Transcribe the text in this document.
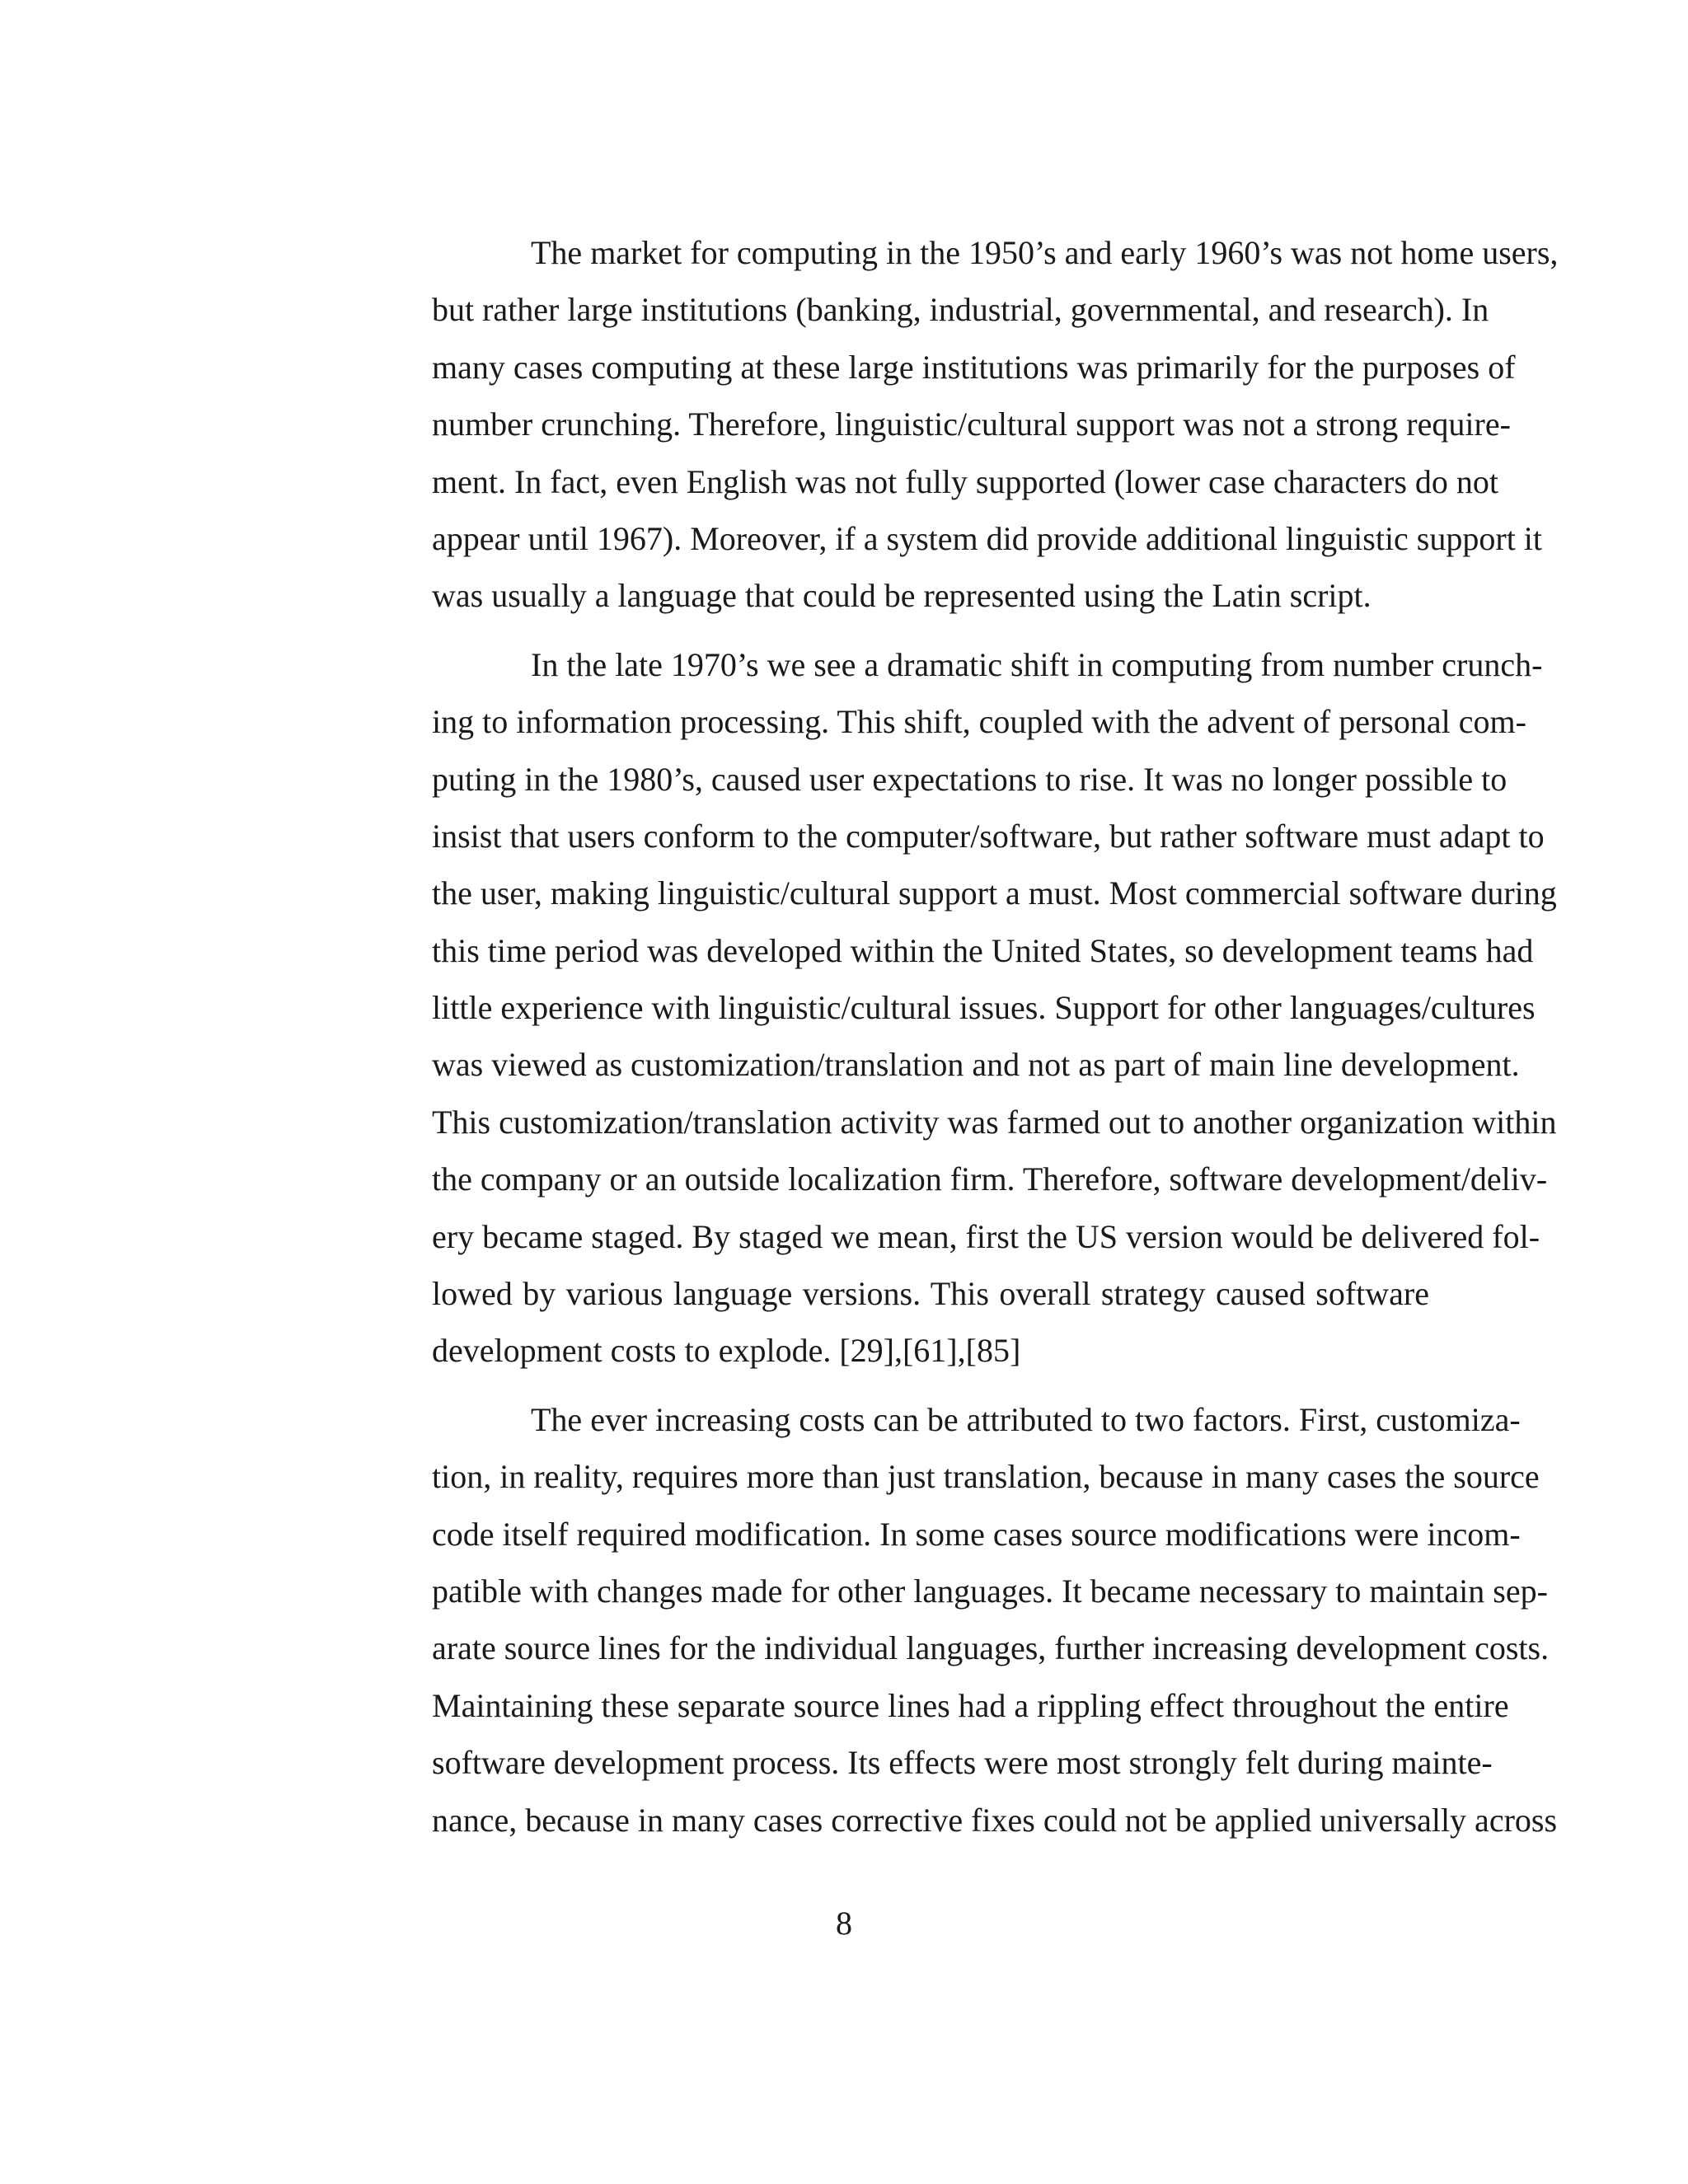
The market for computing in the 1950’s and early 1960’s was not home users,
but rather large institutions (banking, industrial, governmental, and research). In
many cases computing at these large institutions was primarily for the purposes of
number crunching. Therefore, linguistic/cultural support was not a strong require-
ment. In fact, even English was not fully supported (lower case characters do not
appear until 1967). Moreover, if a system did provide additional linguistic support it
was usually a language that could be represented using the Latin script.
In the late 1970’s we see a dramatic shift in computing from number crunch-
ing to information processing. This shift, coupled with the advent of personal com-
puting in the 1980’s, caused user expectations to rise. It was no longer possible to
insist that users conform to the computer/software, but rather software must adapt to
the user, making linguistic/cultural support a must. Most commercial software during
this time period was developed within the United States, so development teams had
little experience with linguistic/cultural issues. Support for other languages/cultures
was viewed as customization/translation and not as part of main line development.
This customization/translation activity was farmed out to another organization within
the company or an outside localization firm. Therefore, software development/deliv-
ery became staged. By staged we mean, first the US version would be delivered fol-
lowed by various language versions. This overall strategy caused software
development costs to explode. [29],[61],[85]
The ever increasing costs can be attributed to two factors. First, customiza-
tion, in reality, requires more than just translation, because in many cases the source
code itself required modification. In some cases source modifications were incom-
patible with changes made for other languages. It became necessary to maintain sep-
arate source lines for the individual languages, further increasing development costs.
Maintaining these separate source lines had a rippling effect throughout the entire
software development process. Its effects were most strongly felt during mainte-
nance, because in many cases corrective fixes could not be applied universally across
8
